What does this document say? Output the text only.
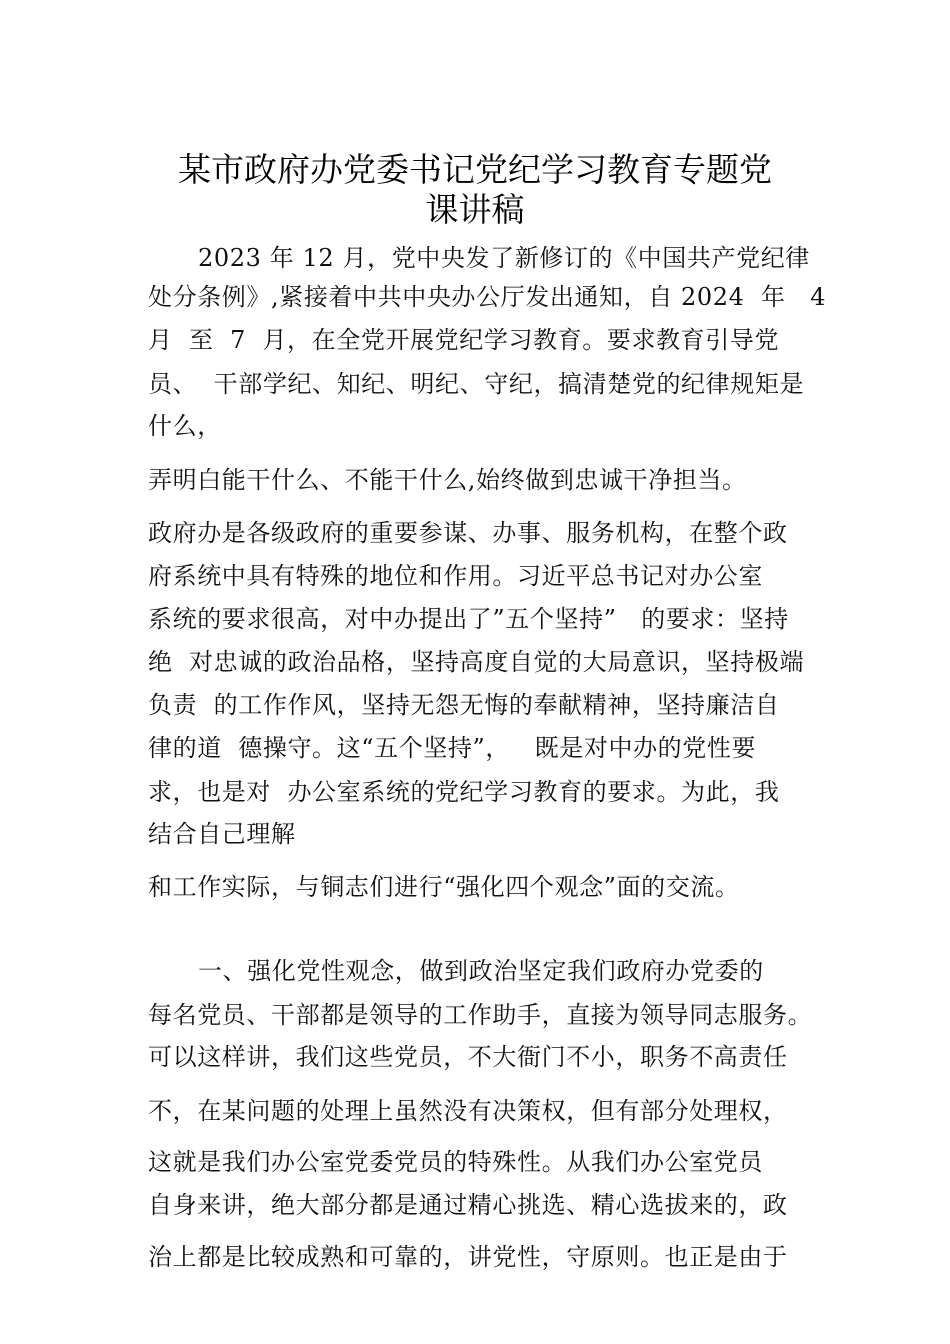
某市政府办党委书记党纪学习教育专题党
课讲稿
2023 年 12 月，党中央发了新修订的《中国共产党纪律
处分条例》,紧接着中共中央办公厅发出通知，自 2024  年   4
月  至  7  月，在全党开展党纪学习教育。要求教育引导党
员、  干部学纪、知纪、明纪、守纪，搞清楚党的纪律规矩是
什么，
弄明白能干什么、不能干什么,始终做到忠诚干净担当。
政府办是各级政府的重要参谋、办事、服务机构，在整个政
府系统中具有特殊的地位和作用。习近平总书记对办公室
系统的要求很高，对中办提出了”五个坚持”   的要求：坚持
绝  对忠诚的政治品格，坚持高度自觉的大局意识，坚持极端
负责  的工作作风，坚持无怨无悔的奉献精神，坚持廉洁自
律的道  德操守。这“五个坚持”，   既是对中办的党性要
求，也是对  办公室系统的党纪学习教育的要求。为此，我
结合自己理解
和工作实际，与铜志们进行“强化四个观念”面的交流。
一、强化党性观念，做到政治坚定我们政府办党委的
每名党员、干部都是领导的工作助手，直接为领导同志服务。
可以这样讲，我们这些党员，不大衙门不小，职务不高责任
不，在某问题的处理上虽然没有决策权，但有部分处理权，
这就是我们办公室党委党员的特殊性。从我们办公室党员
自身来讲，绝大部分都是通过精心挑选、精心选拔来的，政
治上都是比较成熟和可靠的，讲党性，守原则。也正是由于
